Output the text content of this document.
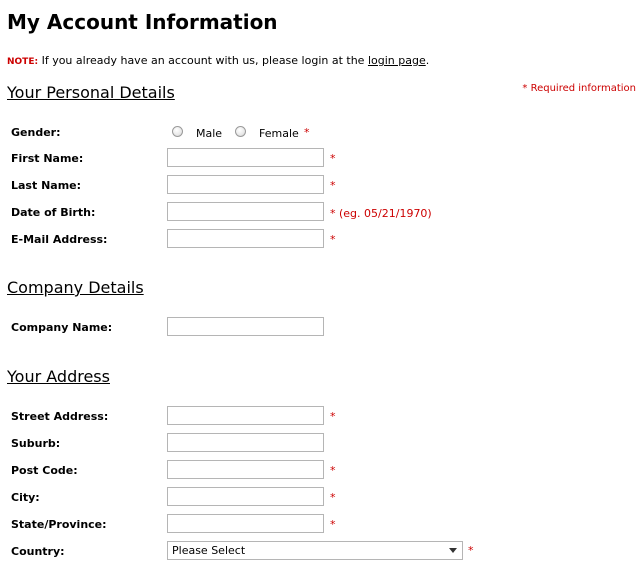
My Account Information
NOTE: If you already have an account with us, please login at the login page.
Your Personal Details	* Required information
Gender:	Male	Female *
First Name:	*
Last Name:	*
Date of Birth:	* (eg. 05/21/1970)
E-Mail Address:	*
Company Details
Company Name:
Your Address
Street Address:	*
Suburb:
Post Code:	*
City:	*
State/Province:	*
Country:	Please Select	*
